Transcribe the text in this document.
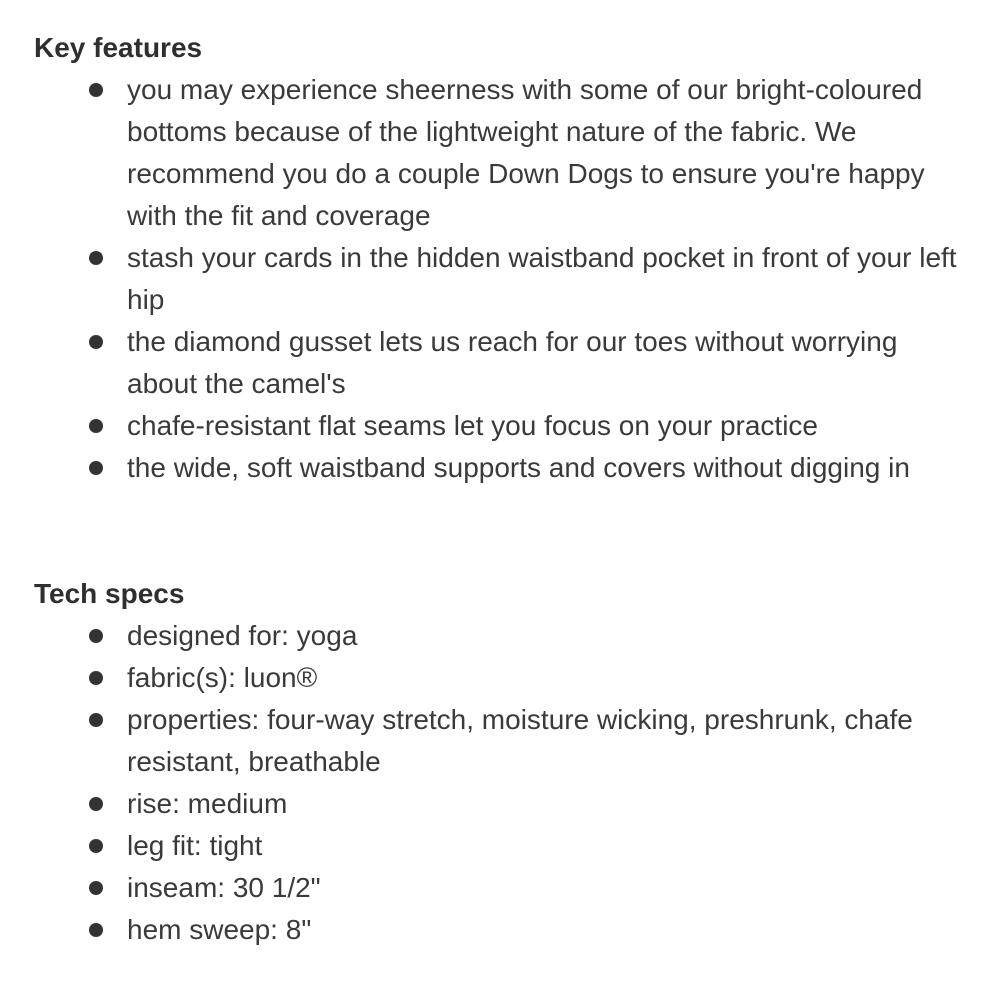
Key features
you may experience sheerness with some of our bright-coloured bottoms because of the lightweight nature of the fabric. We recommend you do a couple Down Dogs to ensure you're happy with the fit and coverage
stash your cards in the hidden waistband pocket in front of your left hip
the diamond gusset lets us reach for our toes without worrying about the camel's
chafe-resistant flat seams let you focus on your practice
the wide, soft waistband supports and covers without digging in
Tech specs
designed for: yoga
fabric(s): luon®
properties: four-way stretch, moisture wicking, preshrunk, chafe resistant, breathable
rise: medium
leg fit: tight
inseam: 30 1/2"
hem sweep: 8"
